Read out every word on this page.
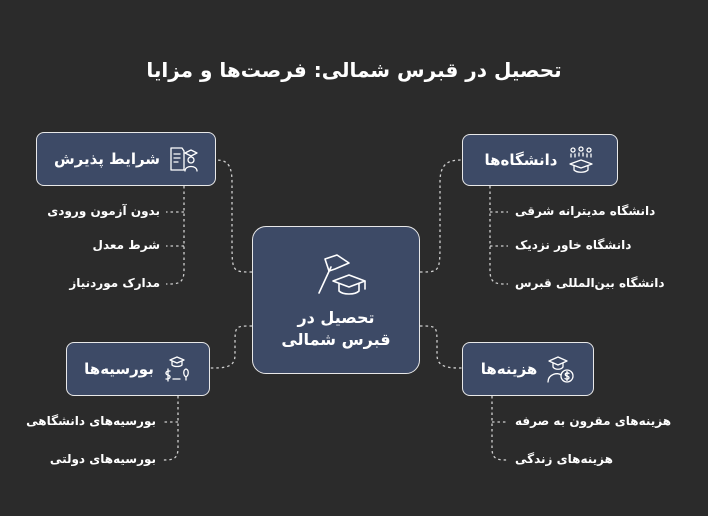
تحصیل در قبرس شمالی: فرصت‌ها و مزایا
تحصیل در
قبرس شمالی
دانشگاه‌ها
دانشگاه مدیترانه شرقی
دانشگاه خاور نزدیک
دانشگاه بین‌المللی قبرس
شرایط پذیرش
بدون آزمون ورودی
شرط معدل
مدارک موردنیاز
بورسیه‌ها
بورسیه‌های دانشگاهی
بورسیه‌های دولتی
هزینه‌ها
هزینه‌های مقرون به صرفه
هزینه‌های زندگی
